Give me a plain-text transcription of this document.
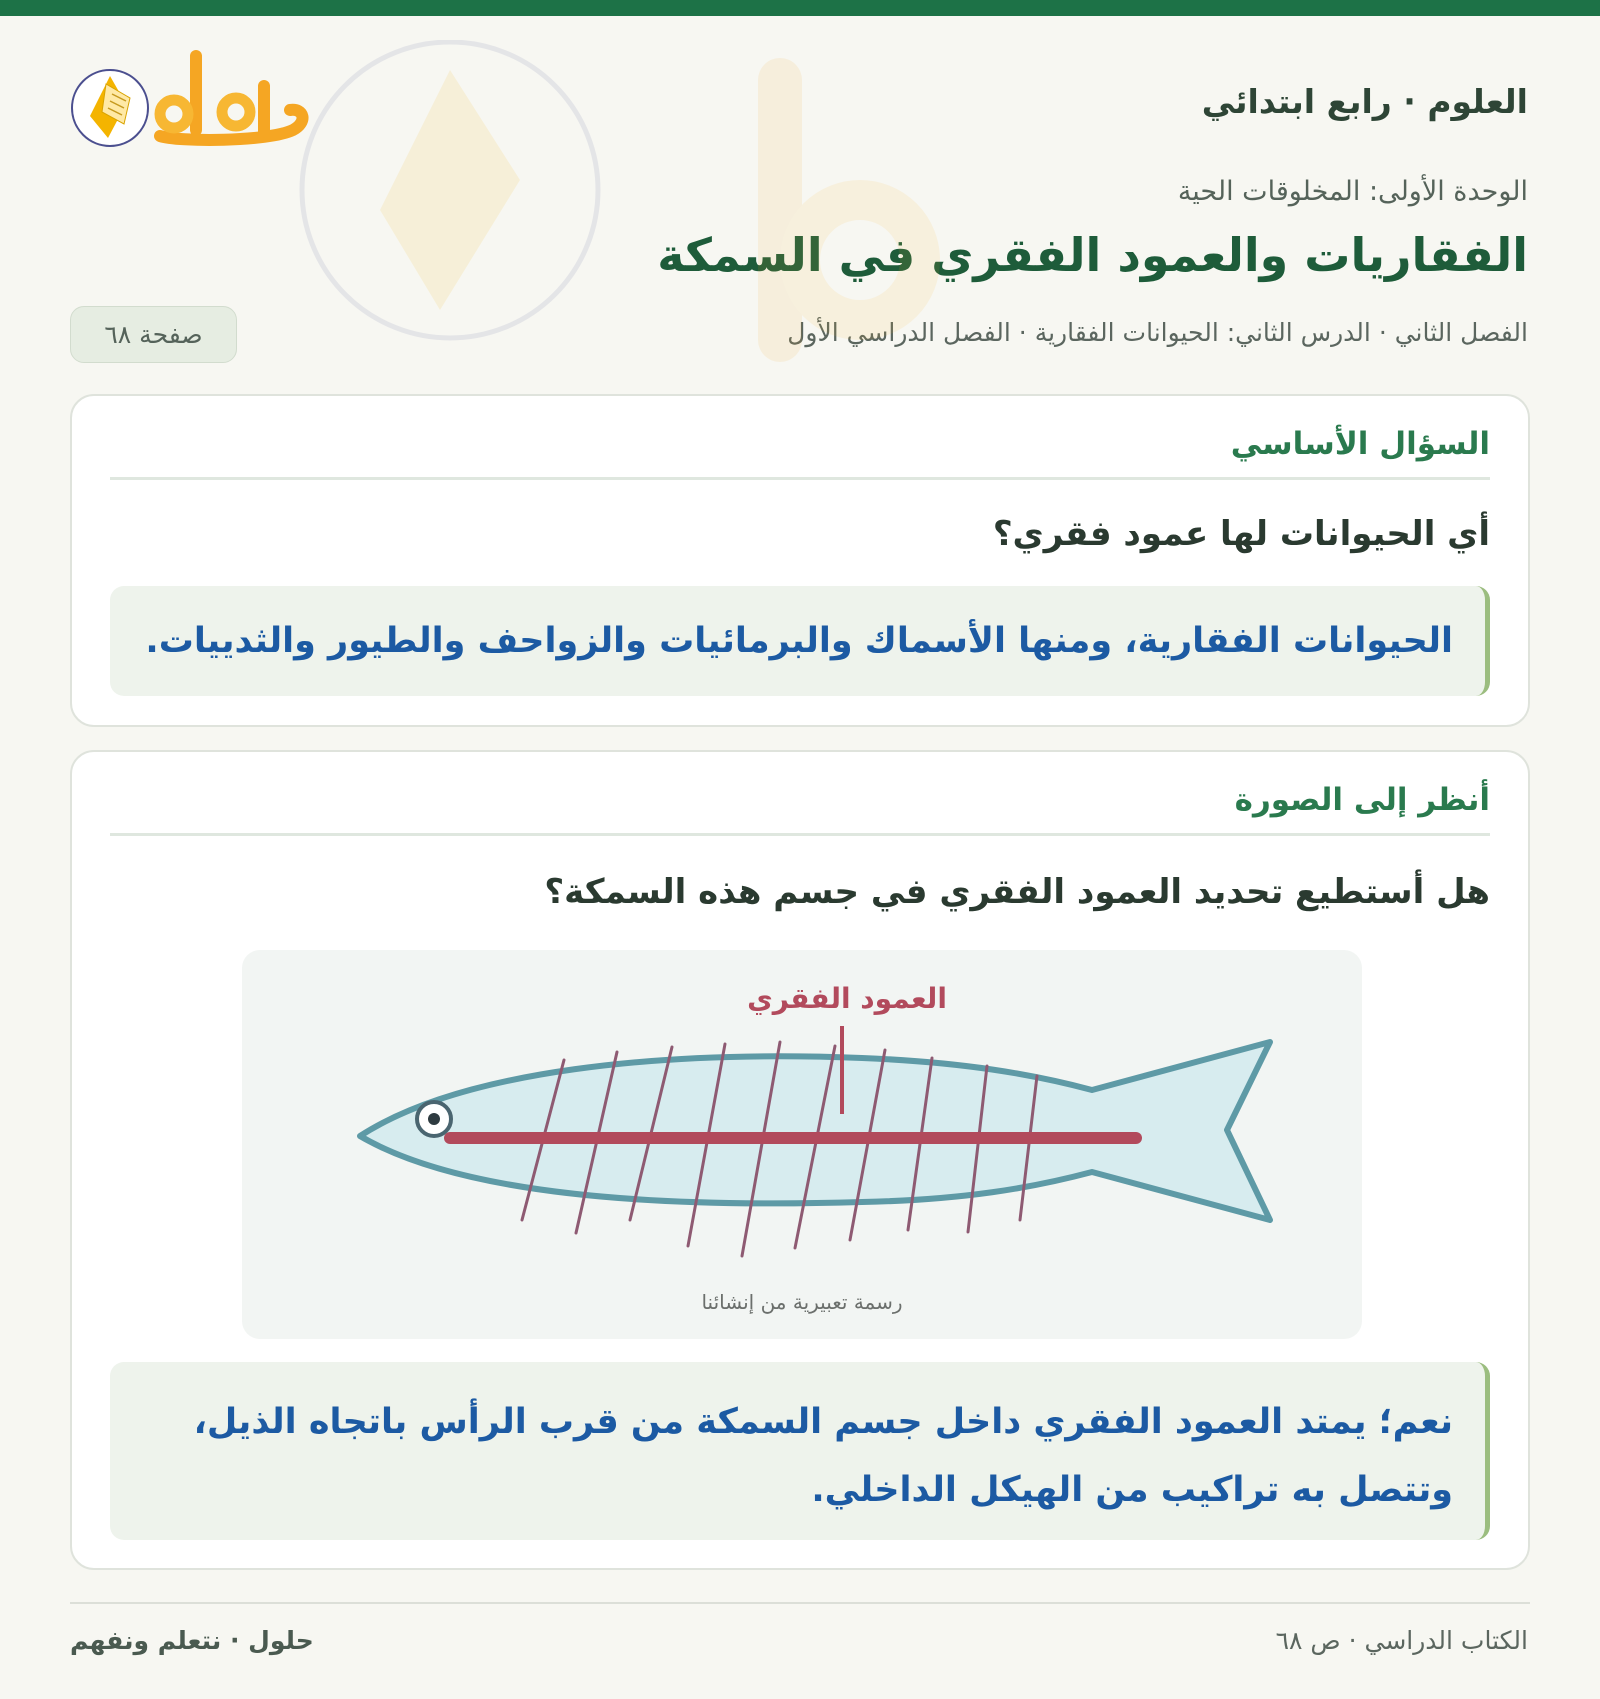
العلوم · رابع ابتدائي
الوحدة الأولى: المخلوقات الحية
الفقاريات والعمود الفقري في السمكة
الفصل الثاني · الدرس الثاني: الحيوانات الفقارية · الفصل الدراسي الأول
صفحة ٦٨
السؤال الأساسي
أي الحيوانات لها عمود فقري؟
الحيوانات الفقارية، ومنها الأسماك والبرمائيات والزواحف والطيور والثدييات.
أنظر إلى الصورة
هل أستطيع تحديد العمود الفقري في جسم هذه السمكة؟
العمود الفقري
رسمة تعبيرية من إنشائنا
نعم؛ يمتد العمود الفقري داخل جسم السمكة من قرب الرأس باتجاه الذيل،
وتتصل به تراكيب من الهيكل الداخلي.
الكتاب الدراسي · ص ٦٨
حلول · نتعلم ونفهم
